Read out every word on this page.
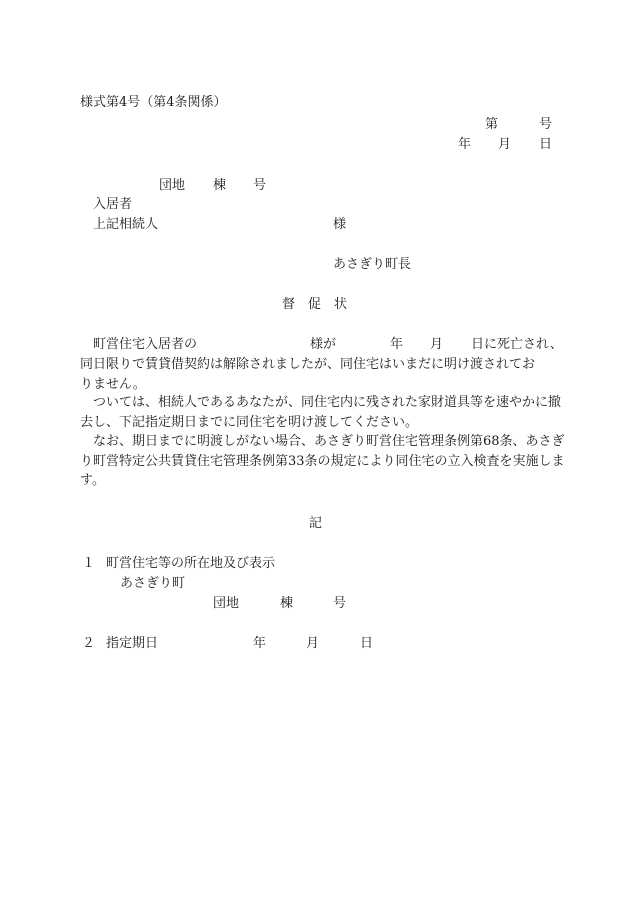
様式第4号（第4条関係）
第	号
年 月 日
団地 棟 号
入居者
上記相続人	様
あさぎり町長
督　促　状
町営住宅入居者の	様が	年 月 日に死亡され、
同日限りで賃貸借契約は解除されましたが、同住宅はいまだに明け渡されてお
りません。

ついては、相続人であるあなたが、同住宅内に残された家財道具等を速やかに撤去し、下記指定期日までに同住宅を明け渡してください。

なお、期日までに明渡しがない場合、あさぎり町営住宅管理条例第68条、あさぎり町営特定公共賃貸住宅管理条例第33条の規定により同住宅の立入検査を実施します。

記
１ 町営住宅等の所在地及び表示
あさぎり町
団地	棟	号
２ 指定期日	年	月	日
